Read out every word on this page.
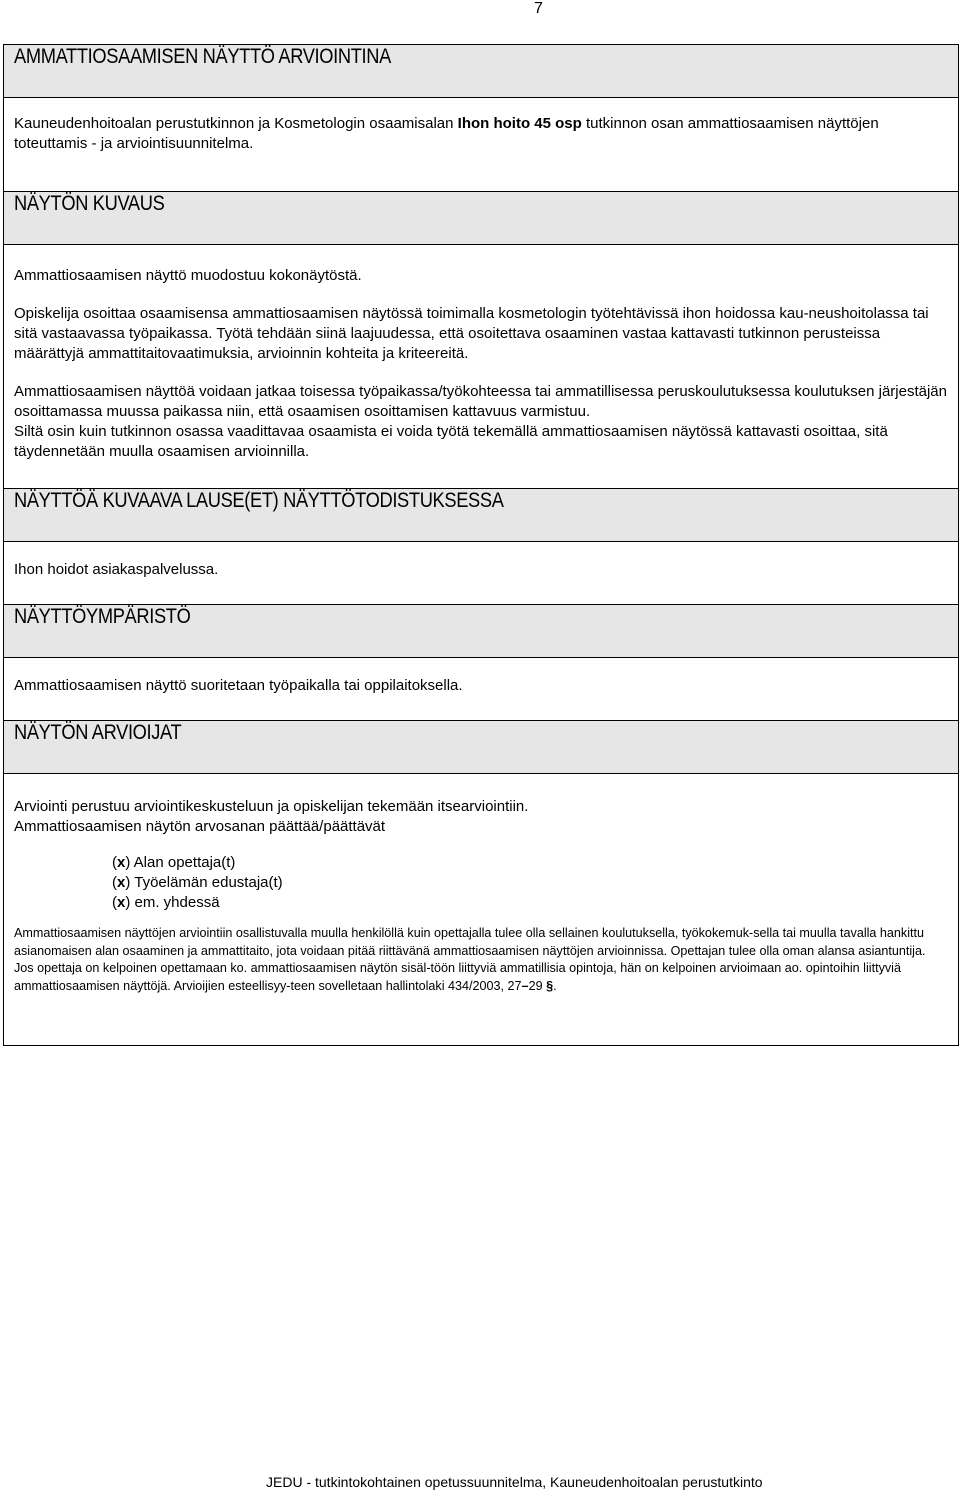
7
AMMATTIOSAAMISEN NÄYTTÖ ARVIOINTINA

Kauneudenhoitoalan perustutkinnon ja Kosmetologin osaamisalan Ihon hoito 45 osp tutkinnon osan ammattiosaamisen näyttöjen toteuttamis - ja arviointisuunnitelma.

NÄYTÖN KUVAUS

Ammattiosaamisen näyttö muodostuu kokonäytöstä.

Opiskelija osoittaa osaamisensa ammattiosaamisen näytössä toimimalla kosmetologin työtehtävissä ihon hoidossa kau-neushoitolassa tai sitä vastaavassa työpaikassa. Työtä tehdään siinä laajuudessa, että osoitettava osaaminen vastaa kattavasti tutkinnon perusteissa määrättyjä ammattitaitovaatimuksia, arvioinnin kohteita ja kriteereitä.

Ammattiosaamisen näyttöä voidaan jatkaa toisessa työpaikassa/työkohteessa tai ammatillisessa peruskoulutuksessa koulutuksen järjestäjän osoittamassa muussa paikassa niin, että osaamisen osoittamisen kattavuus varmistuu.

Siltä osin kuin tutkinnon osassa vaadittavaa osaamista ei voida työtä tekemällä ammattiosaamisen näytössä kattavasti osoittaa, sitä täydennetään muulla osaamisen arvioinnilla.

NÄYTTÖÄ KUVAAVA LAUSE(ET) NÄYTTÖTODISTUKSESSA

Ihon hoidot asiakaspalvelussa.

NÄYTTÖYMPÄRISTÖ

Ammattiosaamisen näyttö suoritetaan työpaikalla tai oppilaitoksella.

NÄYTÖN ARVIOIJAT

Arviointi perustuu arviointikeskusteluun ja opiskelijan tekemään itsearviointiin.

Ammattiosaamisen näytön arvosanan päättää/päättävät

(x) Alan opettaja(t)
(x) Työelämän edustaja(t)
(x) em. yhdessä

Ammattiosaamisen näyttöjen arviointiin osallistuvalla muulla henkilöllä kuin opettajalla tulee olla sellainen koulutuksella, työkokemuk-sella tai muulla tavalla hankittu asianomaisen alan osaaminen ja ammattitaito, jota voidaan pitää riittävänä ammattiosaamisen näyttöjen arvioinnissa. Opettajan tulee olla oman alansa asiantuntija. Jos opettaja on kelpoinen opettamaan ko. ammattiosaamisen näytön sisäl-töön liittyviä ammatillisia opintoja, hän on kelpoinen arvioimaan ao. opintoihin liittyviä ammattiosaamisen näyttöjä. Arvioijien esteellisyy-teen sovelletaan hallintolaki 434/2003, 27–29 §.

JEDU - tutkintokohtainen opetussuunnitelma, Kauneudenhoitoalan perustutkinto
